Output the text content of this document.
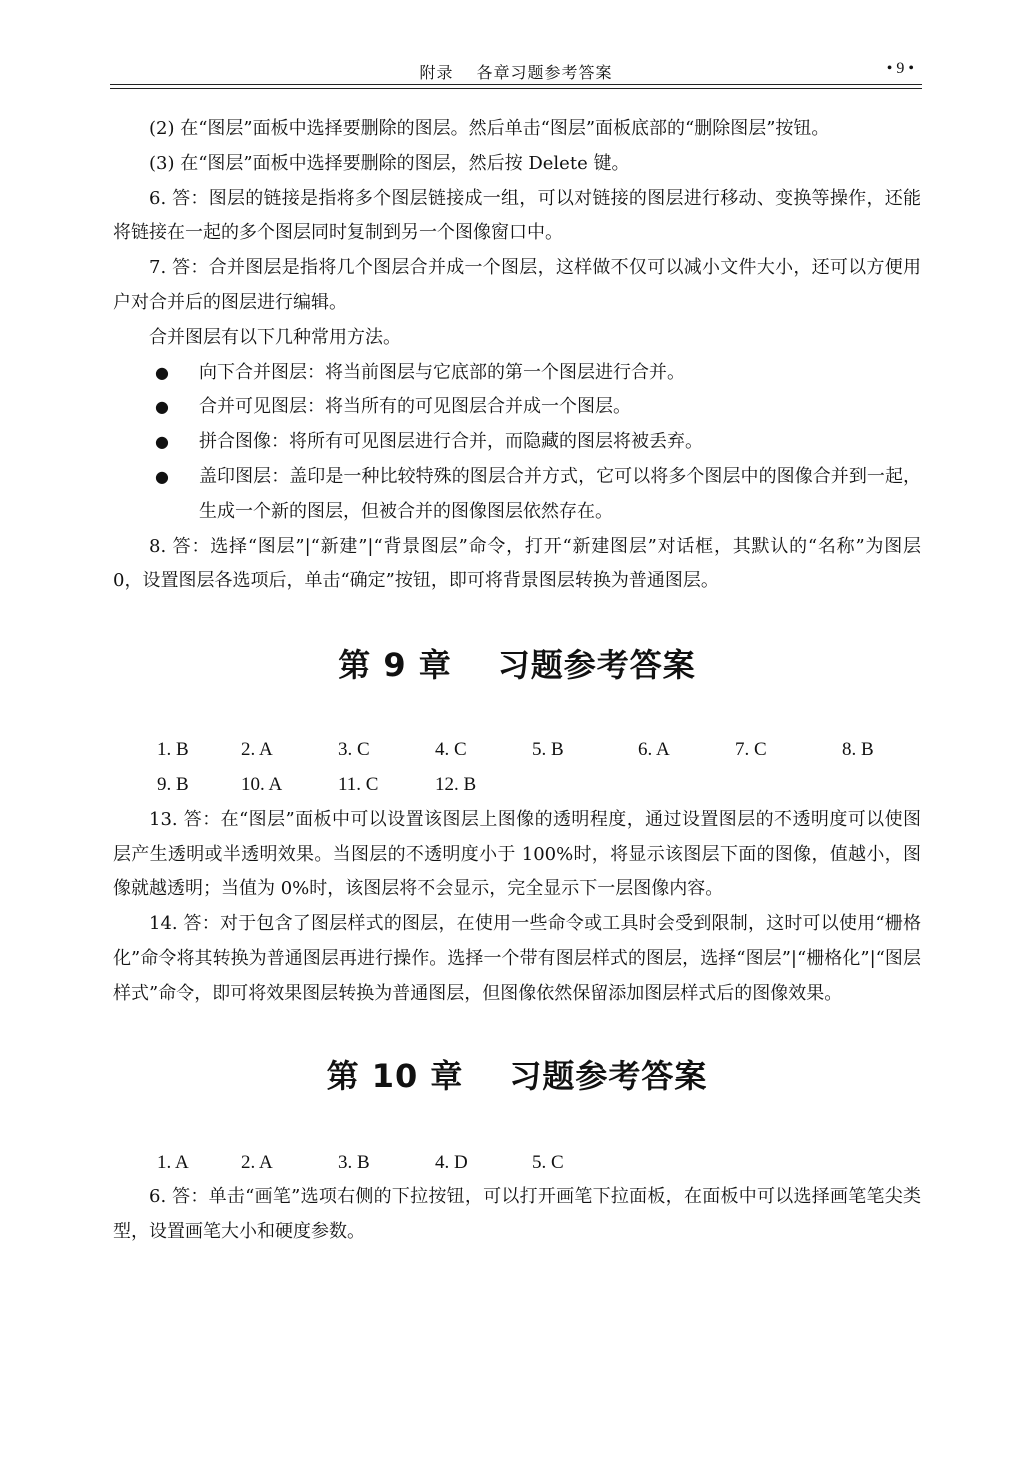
附录　 各章习题参考答案	• 9 •

(2) 在“图层”面板中选择要删除的图层。然后单击“图层”面板底部的“删除图层”按钮。

(3) 在“图层”面板中选择要删除的图层，然后按 Delete 键。

6. 答：图层的链接是指将多个图层链接成一组，可以对链接的图层进行移动、变换等操作，还能将链接在一起的多个图层同时复制到另一个图像窗口中。

7. 答：合并图层是指将几个图层合并成一个图层，这样做不仅可以减小文件大小，还可以方便用户对合并后的图层进行编辑。

合并图层有以下几种常用方法。

● 向下合并图层：将当前图层与它底部的第一个图层进行合并。
● 合并可见图层：将当所有的可见图层合并成一个图层。
● 拼合图像：将所有可见图层进行合并，而隐藏的图层将被丢弃。
● 盖印图层：盖印是一种比较特殊的图层合并方式，它可以将多个图层中的图像合并到一起，生成一个新的图层，但被合并的图像图层依然存在。

8. 答：选择“图层”|“新建”|“背景图层”命令，打开“新建图层”对话框，其默认的“名称”为图层 0，设置图层各选项后，单击“确定”按钮，即可将背景图层转换为普通图层。

第 9 章 习题参考答案
1. B	2. A	3. C	4. C	5. B	6. A	7. C	8. B
9. B	10. A	11. C	12. B

13. 答：在“图层”面板中可以设置该图层上图像的透明程度，通过设置图层的不透明度可以使图层产生透明或半透明效果。当图层的不透明度小于 100%时，将显示该图层下面的图像，值越小，图像就越透明；当值为 0%时，该图层将不会显示，完全显示下一层图像内容。

14. 答：对于包含了图层样式的图层，在使用一些命令或工具时会受到限制，这时可以使用“栅格化”命令将其转换为普通图层再进行操作。选择一个带有图层样式的图层，选择“图层”|“栅格化”|“图层样式”命令，即可将效果图层转换为普通图层，但图像依然保留添加图层样式后的图像效果。

第 10 章 习题参考答案
1. A	2. A	3. B	4. D	5. C

6. 答：单击“画笔”选项右侧的下拉按钮，可以打开画笔下拉面板，在面板中可以选择画笔笔尖类型，设置画笔大小和硬度参数。
